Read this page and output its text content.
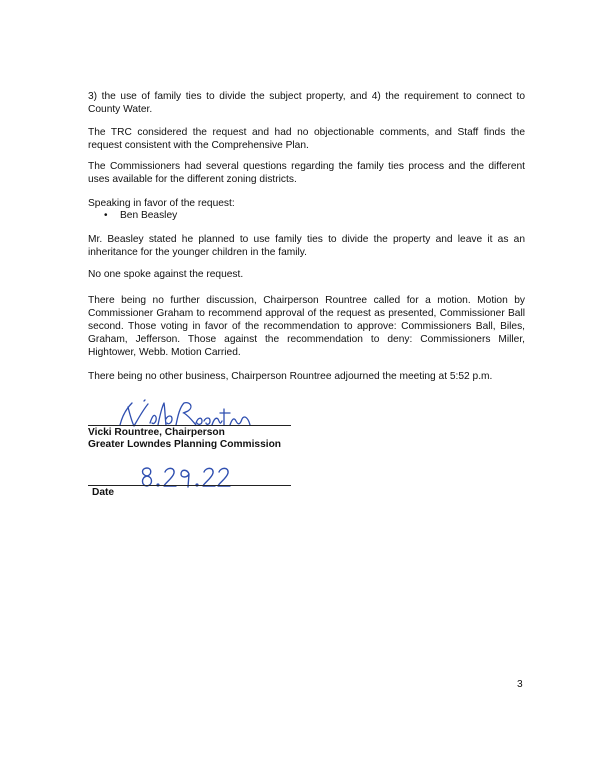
3) the use of family ties to divide the subject property, and 4) the requirement to connect to County Water.

The TRC considered the request and had no objectionable comments, and Staff finds the request consistent with the Comprehensive Plan.

The Commissioners had several questions regarding the family ties process and the different uses available for the different zoning districts.

Speaking in favor of the request:

• Ben Beasley

Mr. Beasley stated he planned to use family ties to divide the property and leave it as an inheritance for the younger children in the family.

No one spoke against the request.

There being no further discussion, Chairperson Rountree called for a motion. Motion by Commissioner Graham to recommend approval of the request as presented, Commissioner Ball second. Those voting in favor of the recommendation to approve: Commissioners Ball, Biles, Graham, Jefferson. Those against the recommendation to deny: Commissioners Miller, Hightower, Webb. Motion Carried.

There being no other business, Chairperson Rountree adjourned the meeting at 5:52 p.m.

Vicki Rountree, Chairperson

Greater Lowndes Planning Commission

Date
3
